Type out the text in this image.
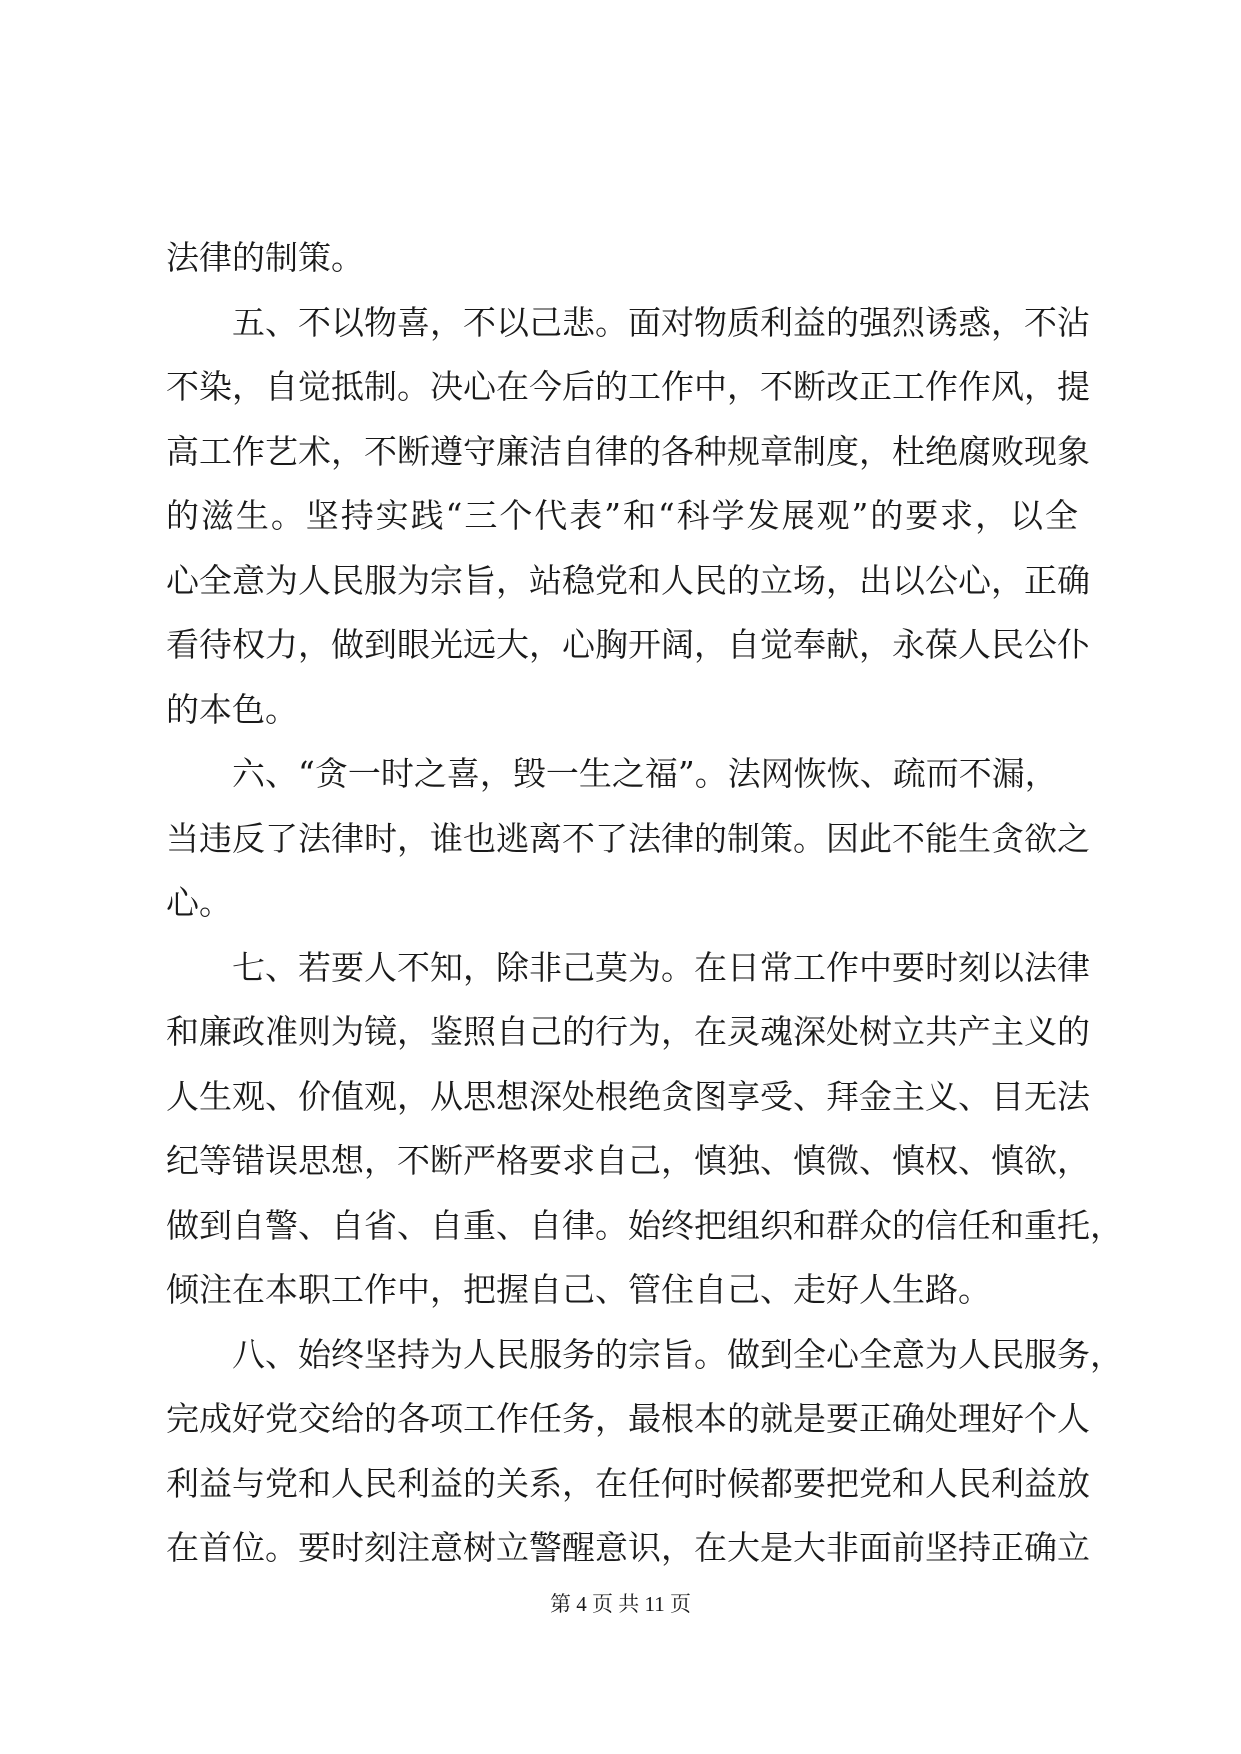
法律的制策。
　　五、不以物喜，不以己悲。面对物质利益的强烈诱惑，不沾
不染，自觉抵制。决心在今后的工作中，不断改正工作作风，提
高工作艺术，不断遵守廉洁自律的各种规章制度，杜绝腐败现象
的滋生。坚持实践“三个代表”和“科学发展观”的要求，以全
心全意为人民服为宗旨，站稳党和人民的立场，出以公心，正确
看待权力，做到眼光远大，心胸开阔，自觉奉献，永葆人民公仆
的本色。
　　六、“贪一时之喜，毁一生之福”。法网恢恢、疏而不漏，
当违反了法律时，谁也逃离不了法律的制策。因此不能生贪欲之
心。
　　七、若要人不知，除非己莫为。在日常工作中要时刻以法律
和廉政准则为镜，鉴照自己的行为，在灵魂深处树立共产主义的
人生观、价值观，从思想深处根绝贪图享受、拜金主义、目无法
纪等错误思想，不断严格要求自己，慎独、慎微、慎权、慎欲，
做到自警、自省、自重、自律。始终把组织和群众的信任和重托，
倾注在本职工作中，把握自己、管住自己、走好人生路。
　　八、始终坚持为人民服务的宗旨。做到全心全意为人民服务，
完成好党交给的各项工作任务，最根本的就是要正确处理好个人
利益与党和人民利益的关系，在任何时候都要把党和人民利益放
在首位。要时刻注意树立警醒意识，在大是大非面前坚持正确立
第 4 页 共 11 页
